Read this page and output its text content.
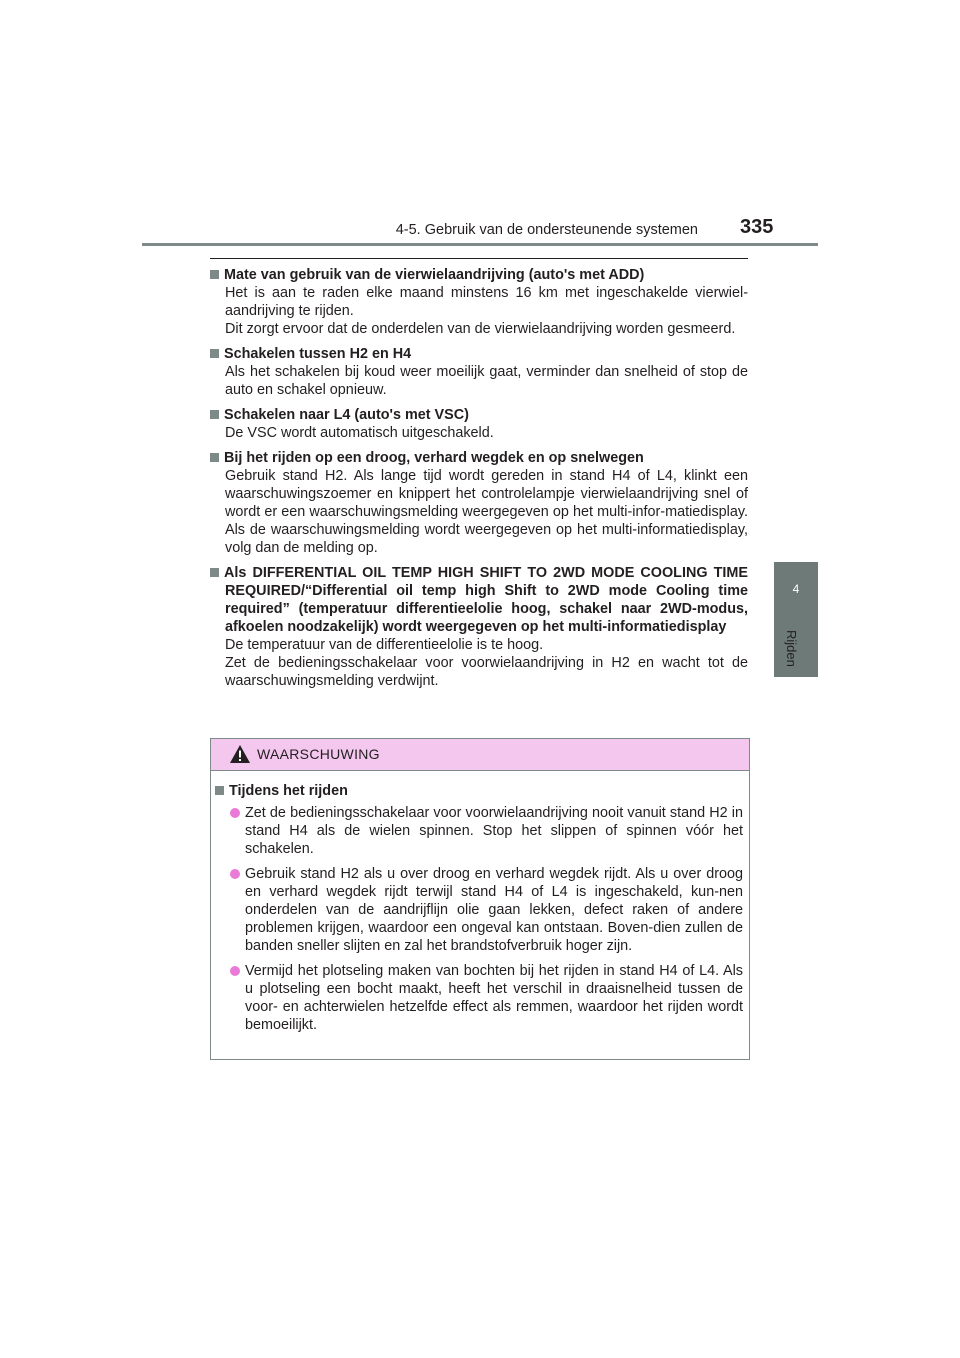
4-5. Gebruik van de ondersteunende systemen 335
4
Rijden
Mate van gebruik van de vierwielaandrijving (auto's met ADD)

Het is aan te raden elke maand minstens 16 km met ingeschakelde vierwiel-aandrijving te rijden.

Dit zorgt ervoor dat de onderdelen van de vierwielaandrijving worden gesmeerd.

Schakelen tussen H2 en H4

Als het schakelen bij koud weer moeilijk gaat, verminder dan snelheid of stop de auto en schakel opnieuw.

Schakelen naar L4 (auto's met VSC)

De VSC wordt automatisch uitgeschakeld.

Bij het rijden op een droog, verhard wegdek en op snelwegen

Gebruik stand H2. Als lange tijd wordt gereden in stand H4 of L4, klinkt een waarschuwingszoemer en knippert het controlelampje vierwielaandrijving snel of wordt er een waarschuwingsmelding weergegeven op het multi-infor-matiedisplay. Als de waarschuwingsmelding wordt weergegeven op het multi-informatiedisplay, volg dan de melding op.

Als DIFFERENTIAL OIL TEMP HIGH SHIFT TO 2WD MODE COOLING TIME REQUIRED/“Differential oil temp high Shift to 2WD mode Cooling time required” (temperatuur differentieelolie hoog, schakel naar 2WD-modus, afkoelen noodzakelijk) wordt weergegeven op het multi-informatiedisplay

De temperatuur van de differentieelolie is te hoog.

Zet de bedieningsschakelaar voor voorwielaandrijving in H2 en wacht tot de waarschuwingsmelding verdwijnt.

WAARSCHUWING
Tijdens het rijden
Zet de bedieningsschakelaar voor voorwielaandrijving nooit vanuit stand H2 in stand H4 als de wielen spinnen. Stop het slippen of spinnen vóór het schakelen.
Gebruik stand H2 als u over droog en verhard wegdek rijdt. Als u over droog en verhard wegdek rijdt terwijl stand H4 of L4 is ingeschakeld, kun-nen onderdelen van de aandrijflijn olie gaan lekken, defect raken of andere problemen krijgen, waardoor een ongeval kan ontstaan. Boven-dien zullen de banden sneller slijten en zal het brandstofverbruik hoger zijn.
Vermijd het plotseling maken van bochten bij het rijden in stand H4 of L4. Als u plotseling een bocht maakt, heeft het verschil in draaisnelheid tussen de voor- en achterwielen hetzelfde effect als remmen, waardoor het rijden wordt bemoeilijkt.
